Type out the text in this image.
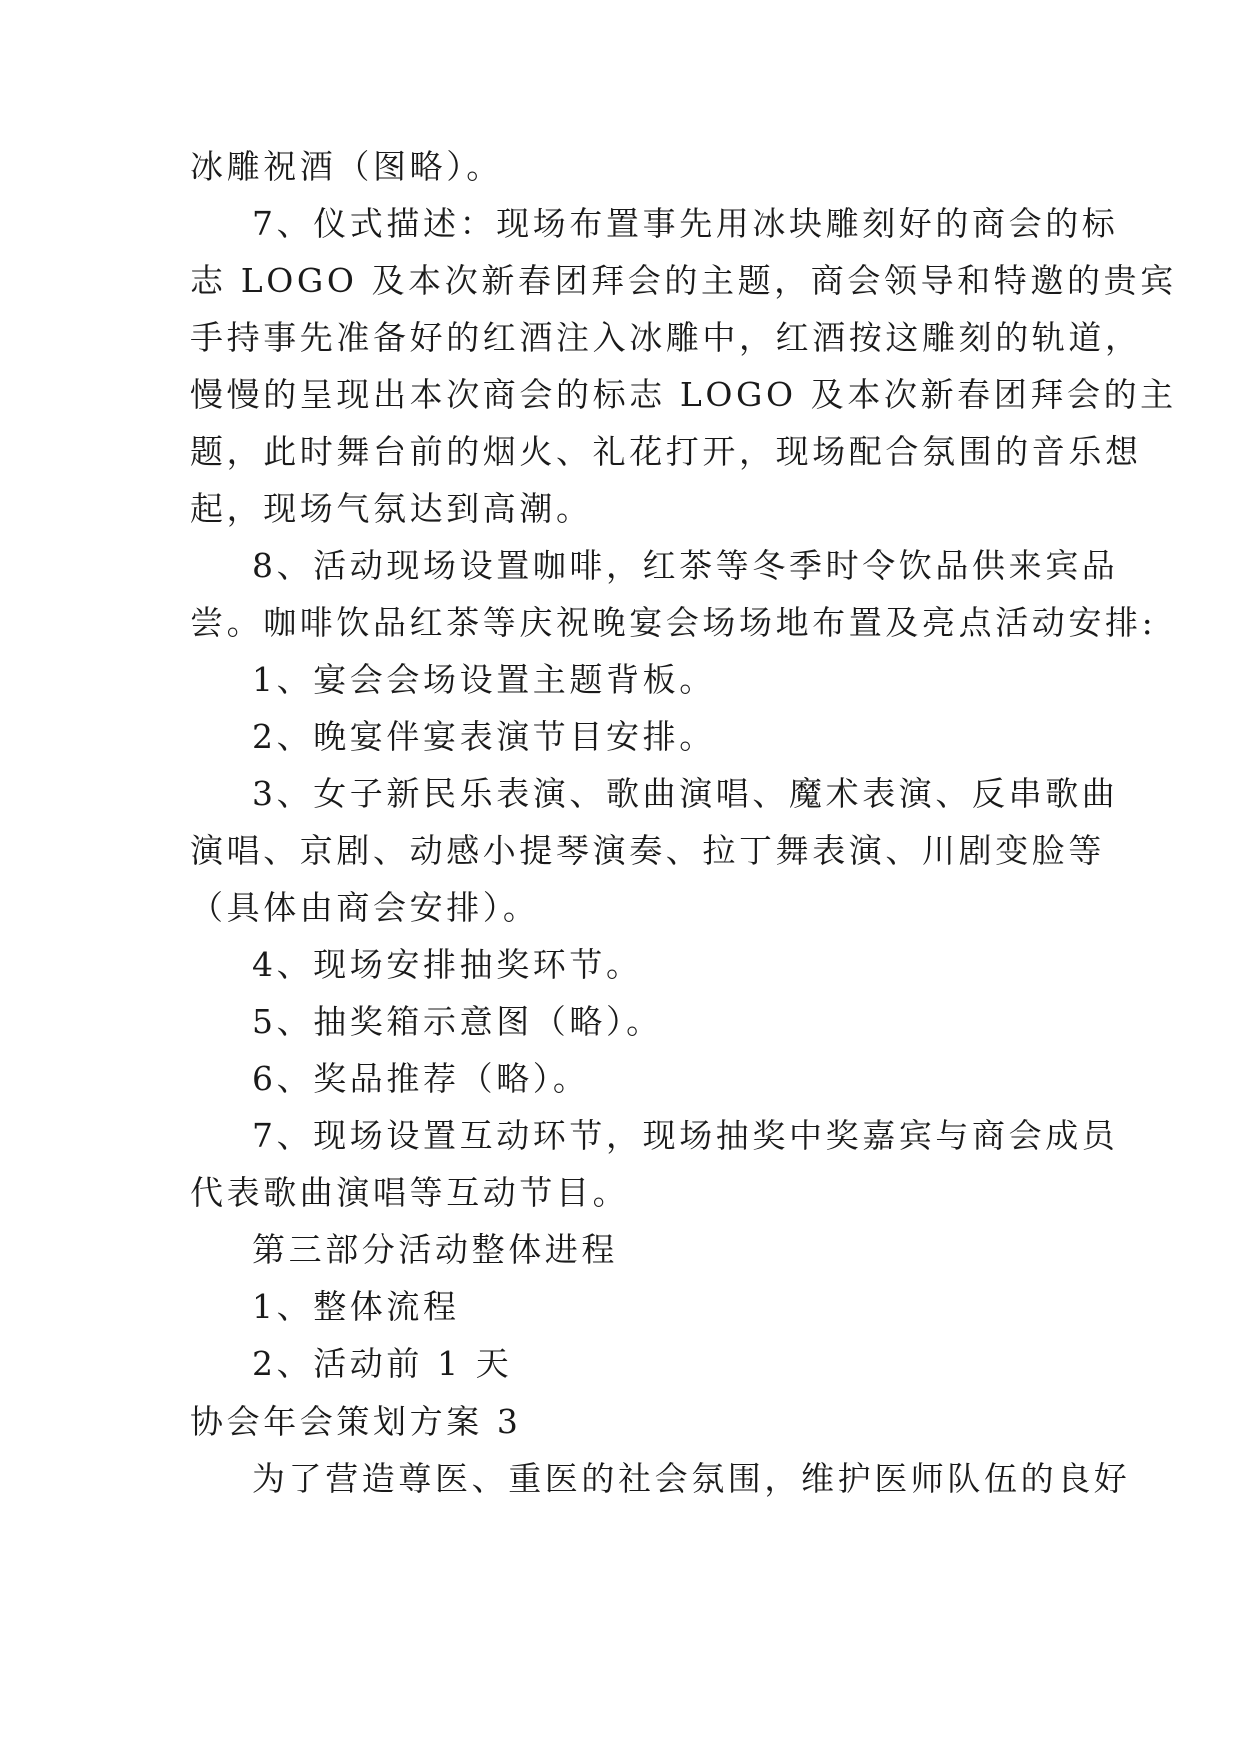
冰雕祝酒（图略）。
7、仪式描述：现场布置事先用冰块雕刻好的商会的标
志 LOGO 及本次新春团拜会的主题，商会领导和特邀的贵宾
手持事先准备好的红酒注入冰雕中，红酒按这雕刻的轨道，
慢慢的呈现出本次商会的标志 LOGO 及本次新春团拜会的主
题，此时舞台前的烟火、礼花打开，现场配合氛围的音乐想
起，现场气氛达到高潮。
8、活动现场设置咖啡，红茶等冬季时令饮品供来宾品
尝。咖啡饮品红茶等庆祝晚宴会场场地布置及亮点活动安排:
1、宴会会场设置主题背板。
2、晚宴伴宴表演节目安排。
3、女子新民乐表演、歌曲演唱、魔术表演、反串歌曲
演唱、京剧、动感小提琴演奏、拉丁舞表演、川剧变脸等
（具体由商会安排）。
4、现场安排抽奖环节。
5、抽奖箱示意图（略）。
6、奖品推荐（略）。
7、现场设置互动环节，现场抽奖中奖嘉宾与商会成员
代表歌曲演唱等互动节目。
第三部分活动整体进程
1、整体流程
2、活动前 1 天
协会年会策划方案 3
为了营造尊医、重医的社会氛围，维护医师队伍的良好
